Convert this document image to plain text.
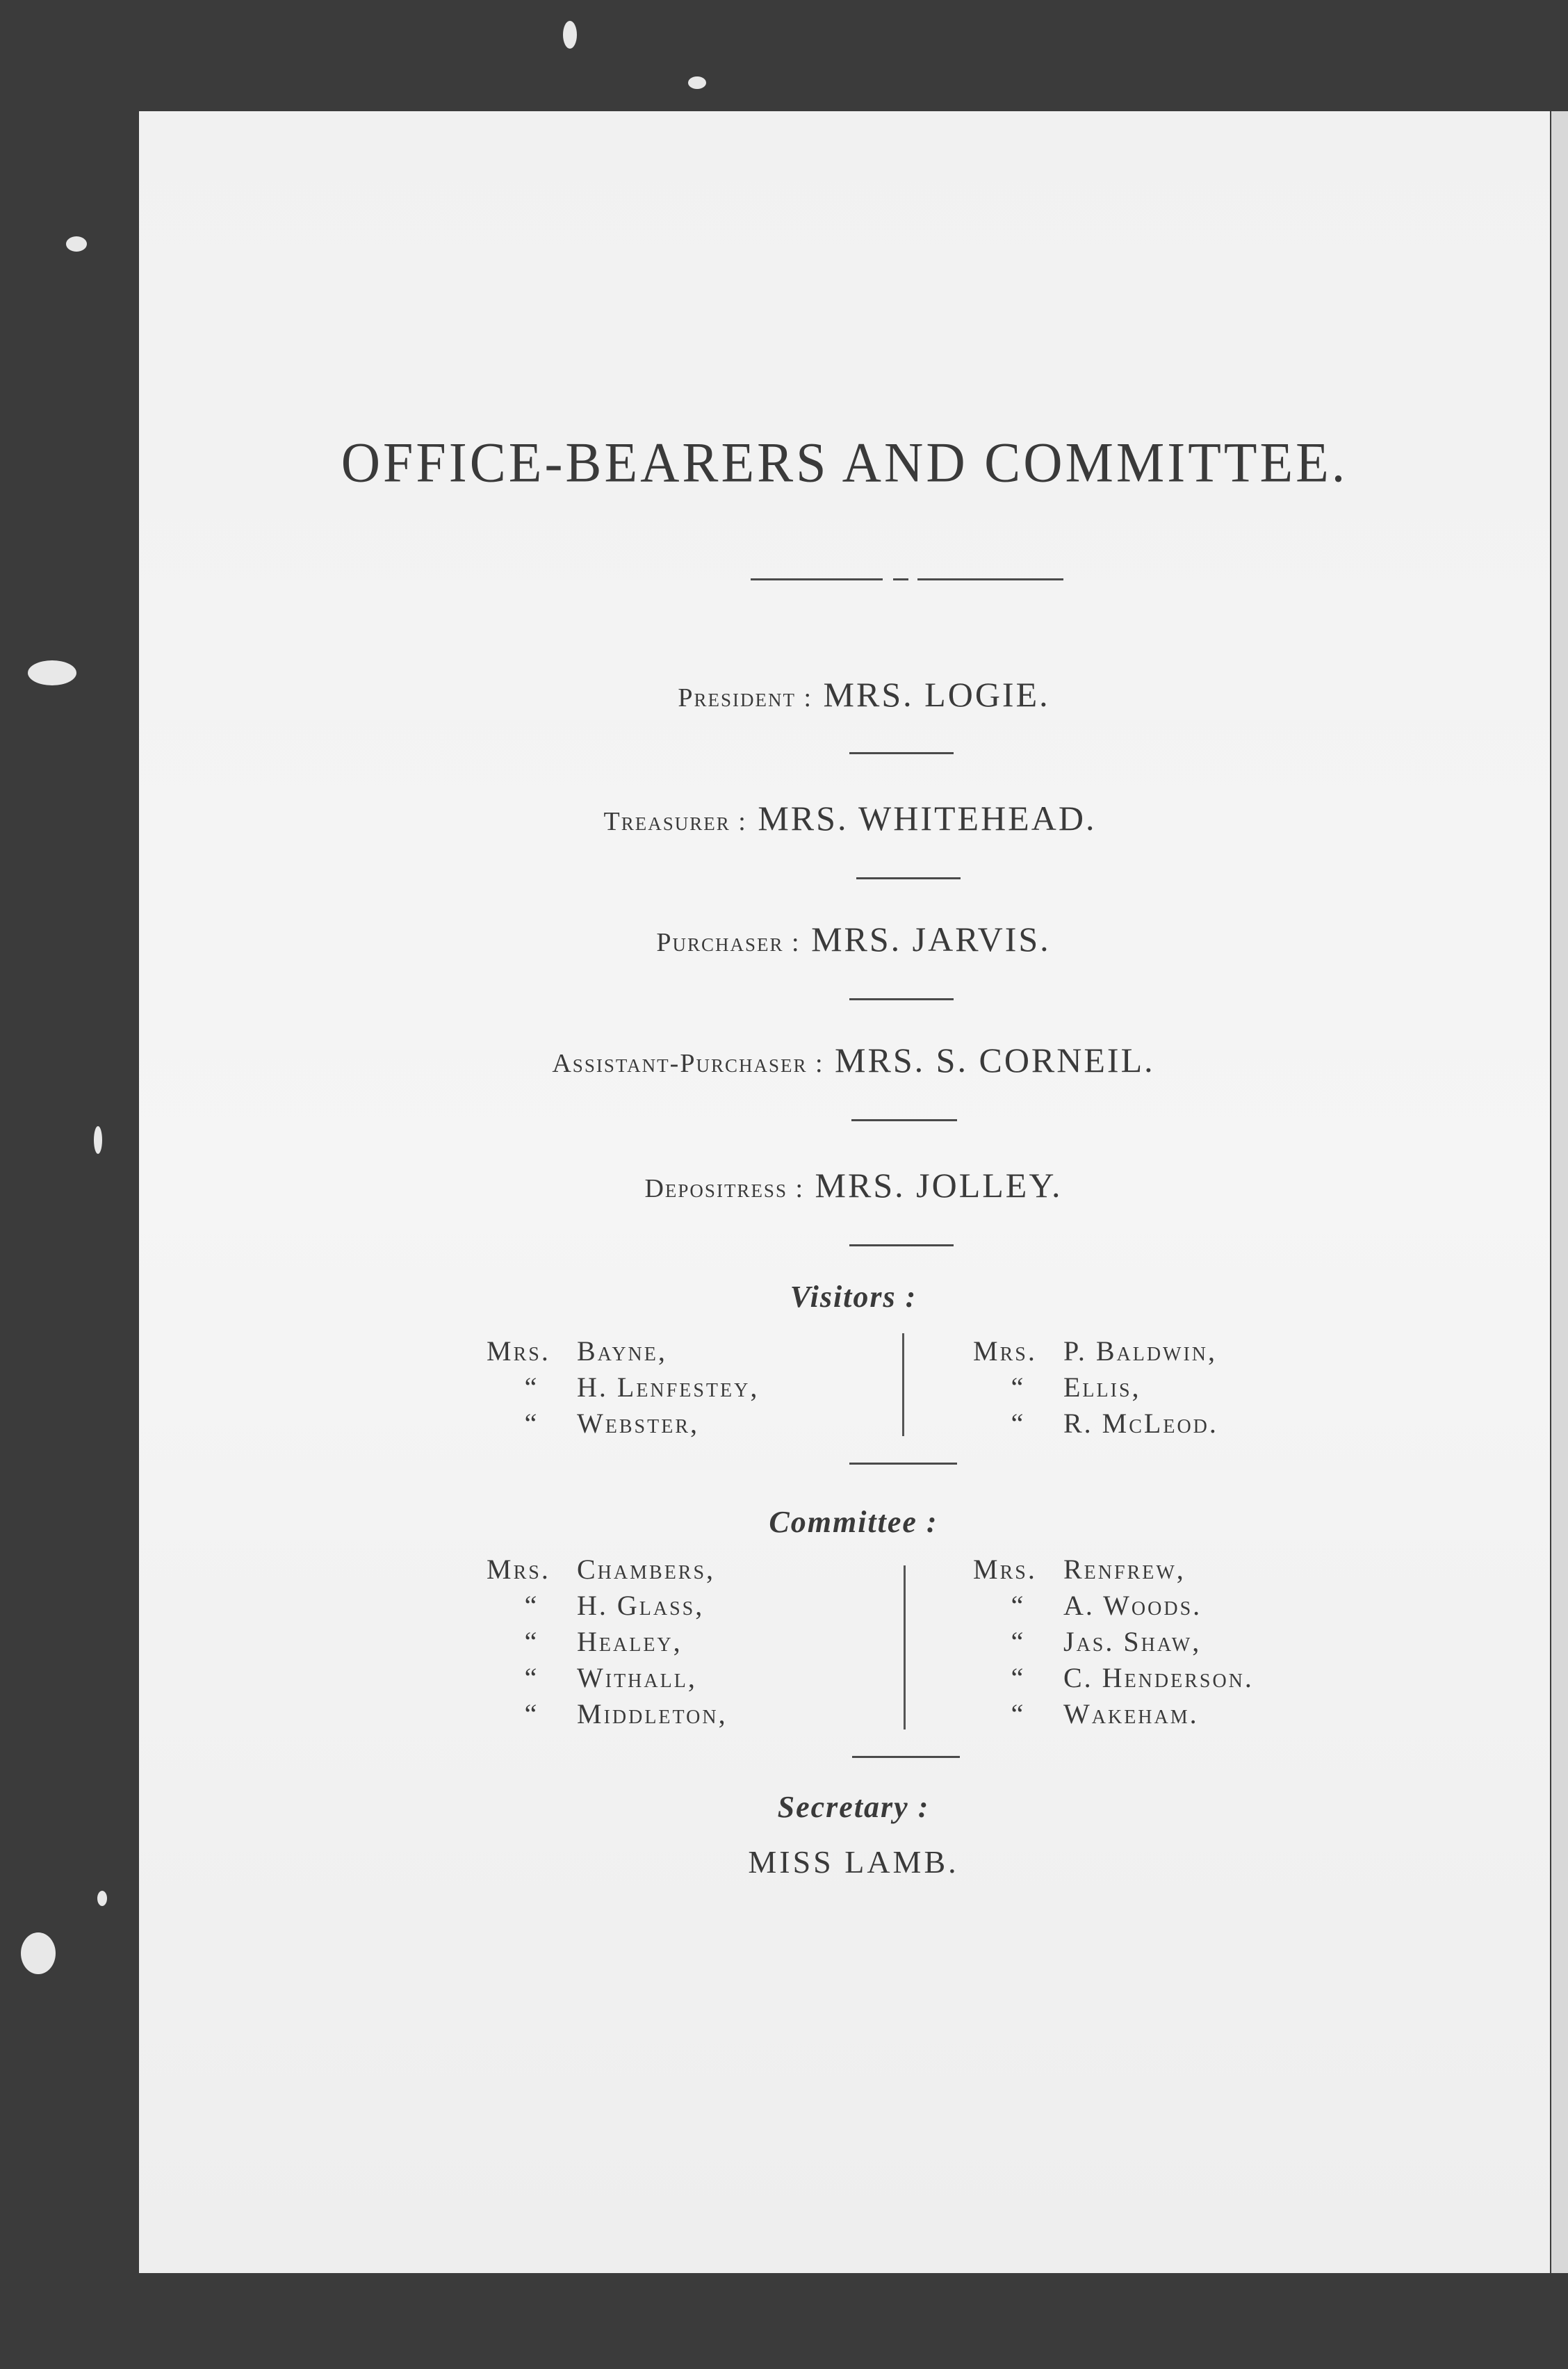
OFFICE-BEARERS AND COMMITTEE.
President : MRS. LOGIE.
Treasurer : MRS. WHITEHEAD.
Purchaser : MRS. JARVIS.
Assistant-Purchaser : MRS. S. CORNEIL.
Depositress : MRS. JOLLEY.
Visitors :
Mrs. Bayne,
“ H. Lenfestey,
“ Webster,
Mrs. P. Baldwin,
“ Ellis,
“ R. McLeod.
Committee :
Mrs. Chambers,
“ H. Glass,
“ Healey,
“ Withall,
“ Middleton,
Mrs. Renfrew,
“ A. Woods.
“ Jas. Shaw,
“ C. Henderson.
“ Wakeham.
Secretary :
MISS LAMB.
